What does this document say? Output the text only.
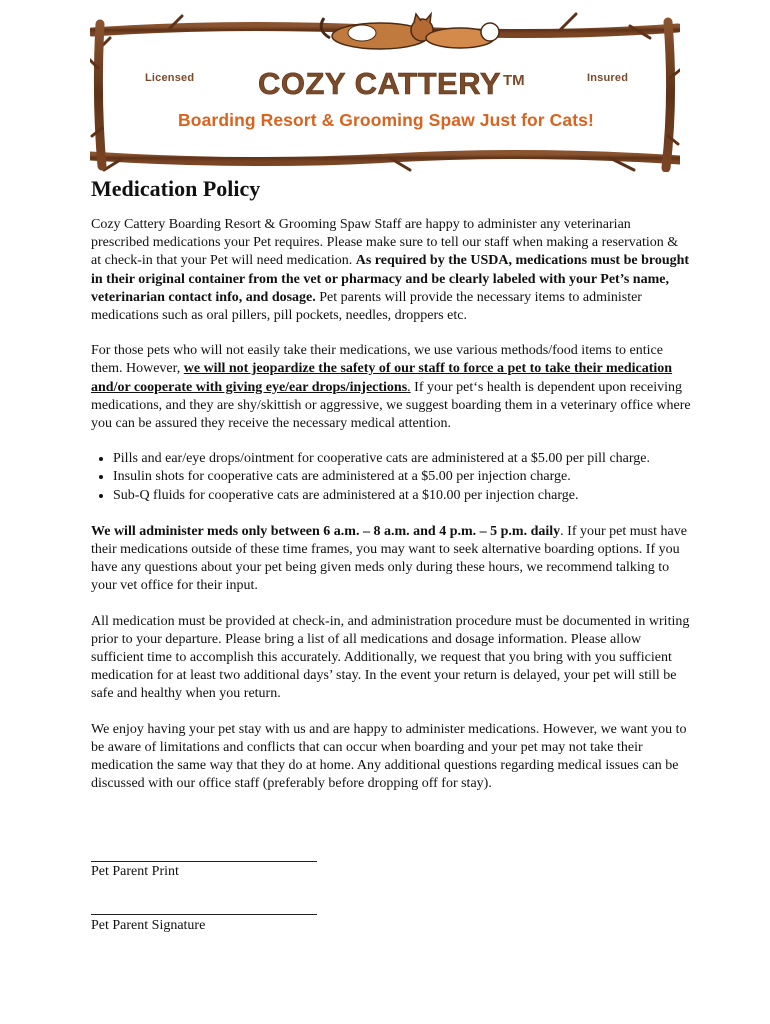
Licensed	Insured
COZY CATTERY TM
Boarding Resort & Grooming Spaw Just for Cats!
Medication Policy

Cozy Cattery Boarding Resort & Grooming Spaw Staff are happy to administer any veterinarian prescribed medications your Pet requires. Please make sure to tell our staff when making a reservation & at check-in that your Pet will need medication. As required by the USDA, medications must be brought in their original container from the vet or pharmacy and be clearly labeled with your Pet’s name, veterinarian contact info, and dosage. Pet parents will provide the necessary items to administer medications such as oral pillers, pill pockets, needles, droppers etc.

For those pets who will not easily take their medications, we use various methods/food items to entice them. However, we will not jeopardize the safety of our staff to force a pet to take their medication and/or cooperate with giving eye/ear drops/injections. If your pet‘s health is dependent upon receiving medications, and they are shy/skittish or aggressive, we suggest boarding them in a veterinary office where you can be assured they receive the necessary medical attention.

• Pills and ear/eye drops/ointment for cooperative cats are administered at a $5.00 per pill charge.
• Insulin shots for cooperative cats are administered at a $5.00 per injection charge.
• Sub-Q fluids for cooperative cats are administered at a $10.00 per injection charge.

We will administer meds only between 6 a.m. – 8 a.m. and 4 p.m. – 5 p.m. daily. If your pet must have their medications outside of these time frames, you may want to seek alternative boarding options. If you have any questions about your pet being given meds only during these hours, we recommend talking to your vet office for their input.

All medication must be provided at check-in, and administration procedure must be documented in writing prior to your departure. Please bring a list of all medications and dosage information. Please allow sufficient time to accomplish this accurately. Additionally, we request that you bring with you sufficient medication for at least two additional days’ stay. In the event your return is delayed, your pet will still be safe and healthy when you return.

We enjoy having your pet stay with us and are happy to administer medications. However, we want you to be aware of limitations and conflicts that can occur when boarding and your pet may not take their medication the same way that they do at home. Any additional questions regarding medical issues can be discussed with our office staff (preferably before dropping off for stay).

Pet Parent Print
Pet Parent Signature
